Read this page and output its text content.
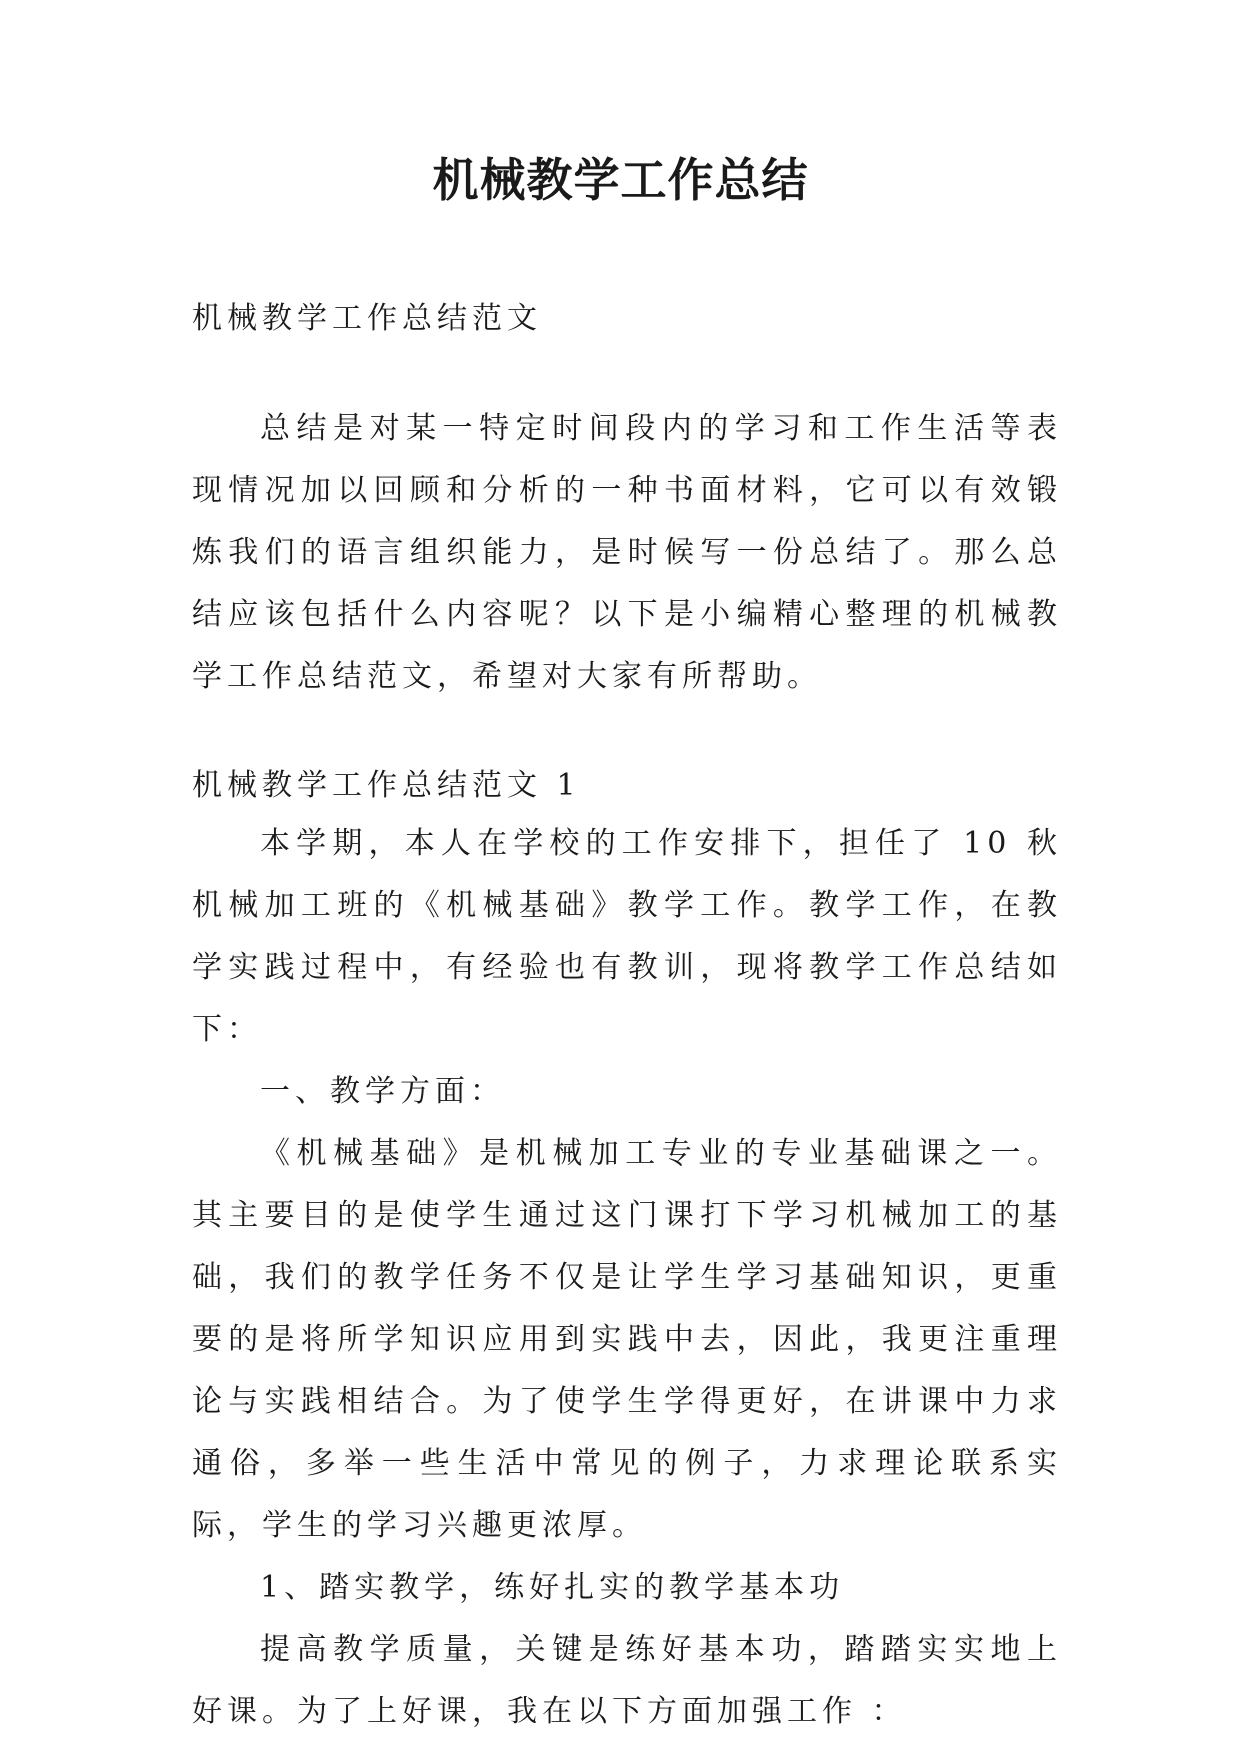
机械教学工作总结
机械教学工作总结范文
总结是对某一特定时间段内的学习和工作生活等表现情况加以回顾和分析的一种书面材料，它可以有效锻炼我们的语言组织能力，是时候写一份总结了。那么总结应该包括什么内容呢？以下是小编精心整理的机械教学工作总结范文，希望对大家有所帮助。
机械教学工作总结范文 1

本学期，本人在学校的工作安排下，担任了 10 秋机械加工班的《机械基础》教学工作。教学工作，在教学实践过程中，有经验也有教训，现将教学工作总结如下：

一、教学方面：

《机械基础》是机械加工专业的专业基础课之一。其主要目的是使学生通过这门课打下学习机械加工的基础，我们的教学任务不仅是让学生学习基础知识，更重要的是将所学知识应用到实践中去，因此，我更注重理论与实践相结合。为了使学生学得更好，在讲课中力求通俗，多举一些生活中常见的例子，力求理论联系实际，学生的学习兴趣更浓厚。

1、踏实教学，练好扎实的教学基本功

提高教学质量，关键是练好基本功，踏踏实实地上好课。为了上好课，我在以下方面加强工作 ：
